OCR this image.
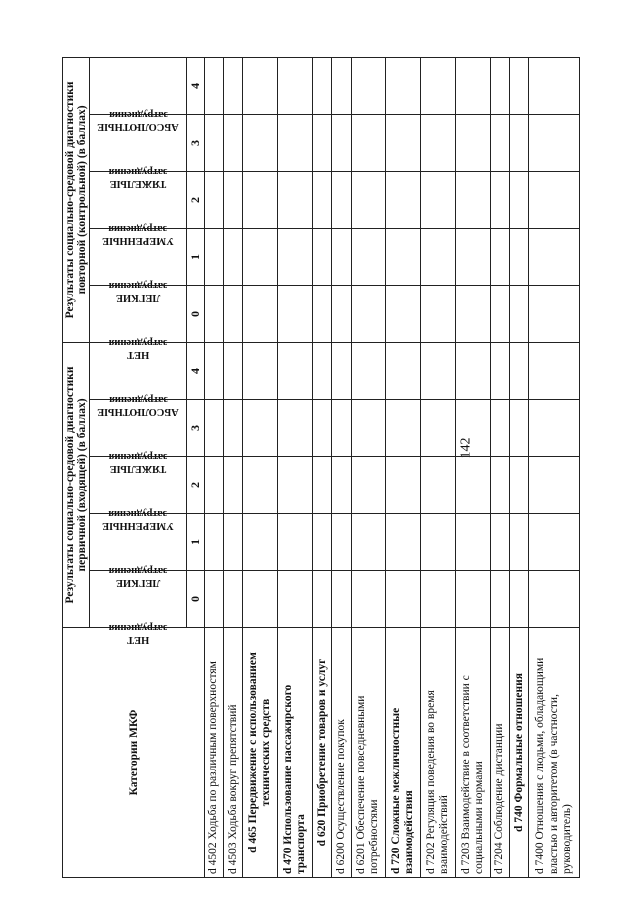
142
Категории МКФ	Результаты социально-средовой диагностики первичной (входящей) (в баллах)					Результаты социально-средовой диагностики повторной (контрольной) (в баллах)				

	НЕТ затруднения	ЛЕГКИЕ затруднения	УМЕРЕННЫЕ затруднения	ТЯЖЕЛЫЕ затруднения	АБСОЛЮТНЫЕ затруднения	НЕТ затруднения	ЛЕГКИЕ затруднения	УМЕРЕННЫЕ затруднения	ТЯЖЕЛЫЕ затруднения	АБСОЛЮТНЫЕ затруднения

	0	1	2	3	4	0	1	2	3	4
d 4502 Ходьба по различным поверхностям										
d 4503 Ходьба вокруг препятствий										
d 465 Передвижение с использованием технических средств										
d 470 Использование пассажирского транспорта										
d 620 Приобретение товаров и услуг										
d 6200 Осуществление покупок										
d 6201 Обеспечение повседневными потребностями										
d 720 Сложные межличностные взаимодействия										
d 7202 Регуляция поведения во время взаимодействий										
d 7203 Взаимодействие в соответствии с социальными нормами										
d 7204 Соблюдение дистанции										
d 740 Формальные отношения										
d 7400 Отношения с людьми, обладающими властью и авторитетом (в частности, руководитель)										
